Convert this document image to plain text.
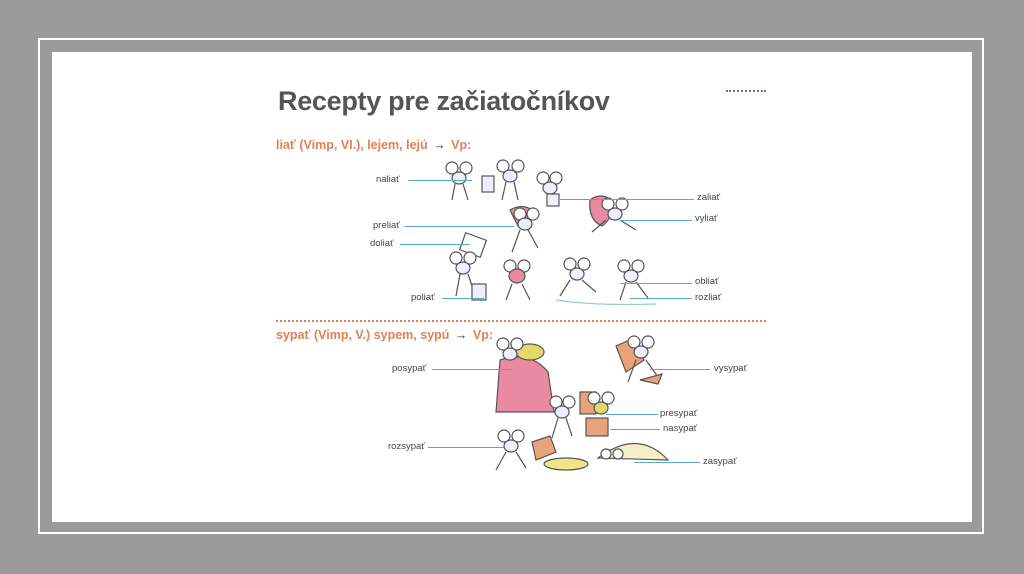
Recepty pre začiatočníkov
liať (Vimp, VI.), lejem, lejú → Vp:
naliať
zaliať
vyliať
preliať
doliať
obliať
rozliať
poliať
sypať (Vimp, V.) sypem, sypú → Vp:
posypať	vysypať
presypať
nasypať
rozsypať
zasypať
